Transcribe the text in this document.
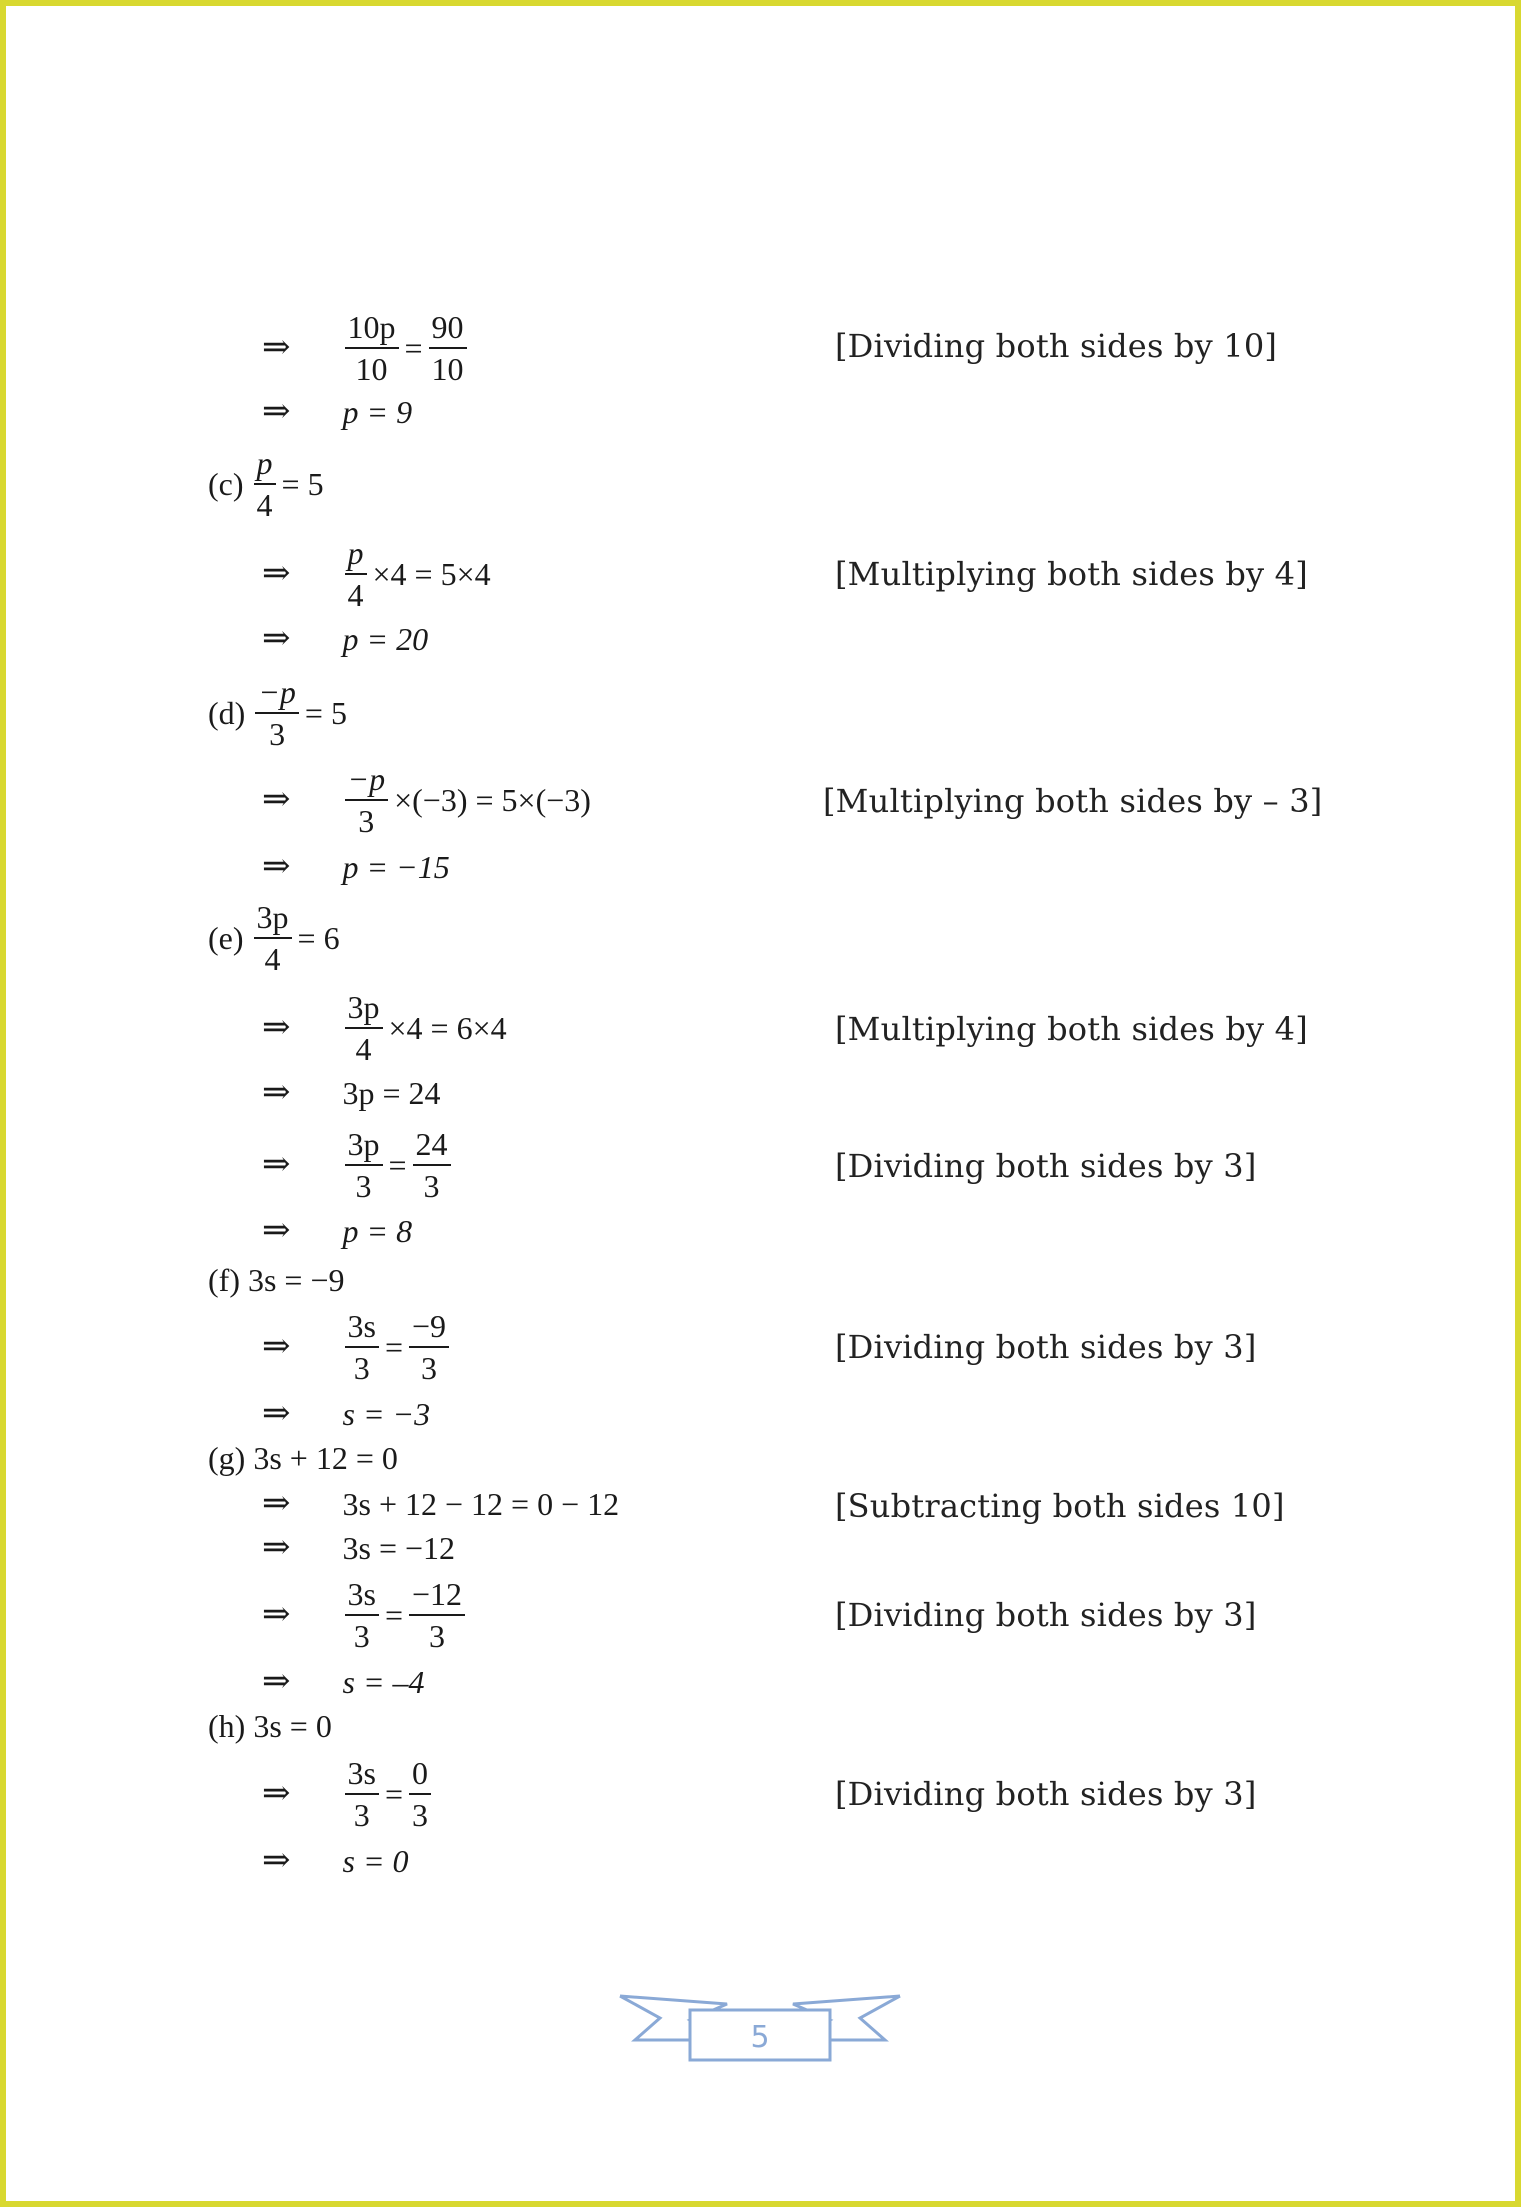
⇒ $\frac{10p}{10} = \frac{90}{10}$	[Dividing both sides by 10]
⇒ p = 9
$(c) \frac{p}{4} = 5$
⇒ $\frac{p}{4} \times 4 = 5\times 4$	[Multiplying both sides by 4]
⇒ p = 20
$(d) \frac{-p}{3} = 5$
⇒ $\frac{-p}{3} \times(-3) = 5\times(-3)$	[Multiplying both sides by – 3]
⇒ p = −15
$(e) \frac{3p}{4} = 6$
⇒ $\frac{3p}{4} \times 4 = 6\times 4$	[Multiplying both sides by 4]
⇒ 3p = 24
⇒ $\frac{3p}{3} = \frac{24}{3}$	[Dividing both sides by 3]
⇒ p = 8
(f) 3s = −9
⇒ $\frac{3s}{3} = \frac{-9}{3}$	[Dividing both sides by 3]
⇒ s = −3
(g) 3s + 12 = 0
⇒ 3s + 12 − 12 = 0 − 12	[Subtracting both sides 10]
⇒ 3s = −12
⇒ $\frac{3s}{3} = \frac{-12}{3}$	[Dividing both sides by 3]
⇒ s = –4
(h) 3s = 0
⇒ $\frac{3s}{3} = \frac{0}{3}$	[Dividing both sides by 3]
⇒ s = 0
5
